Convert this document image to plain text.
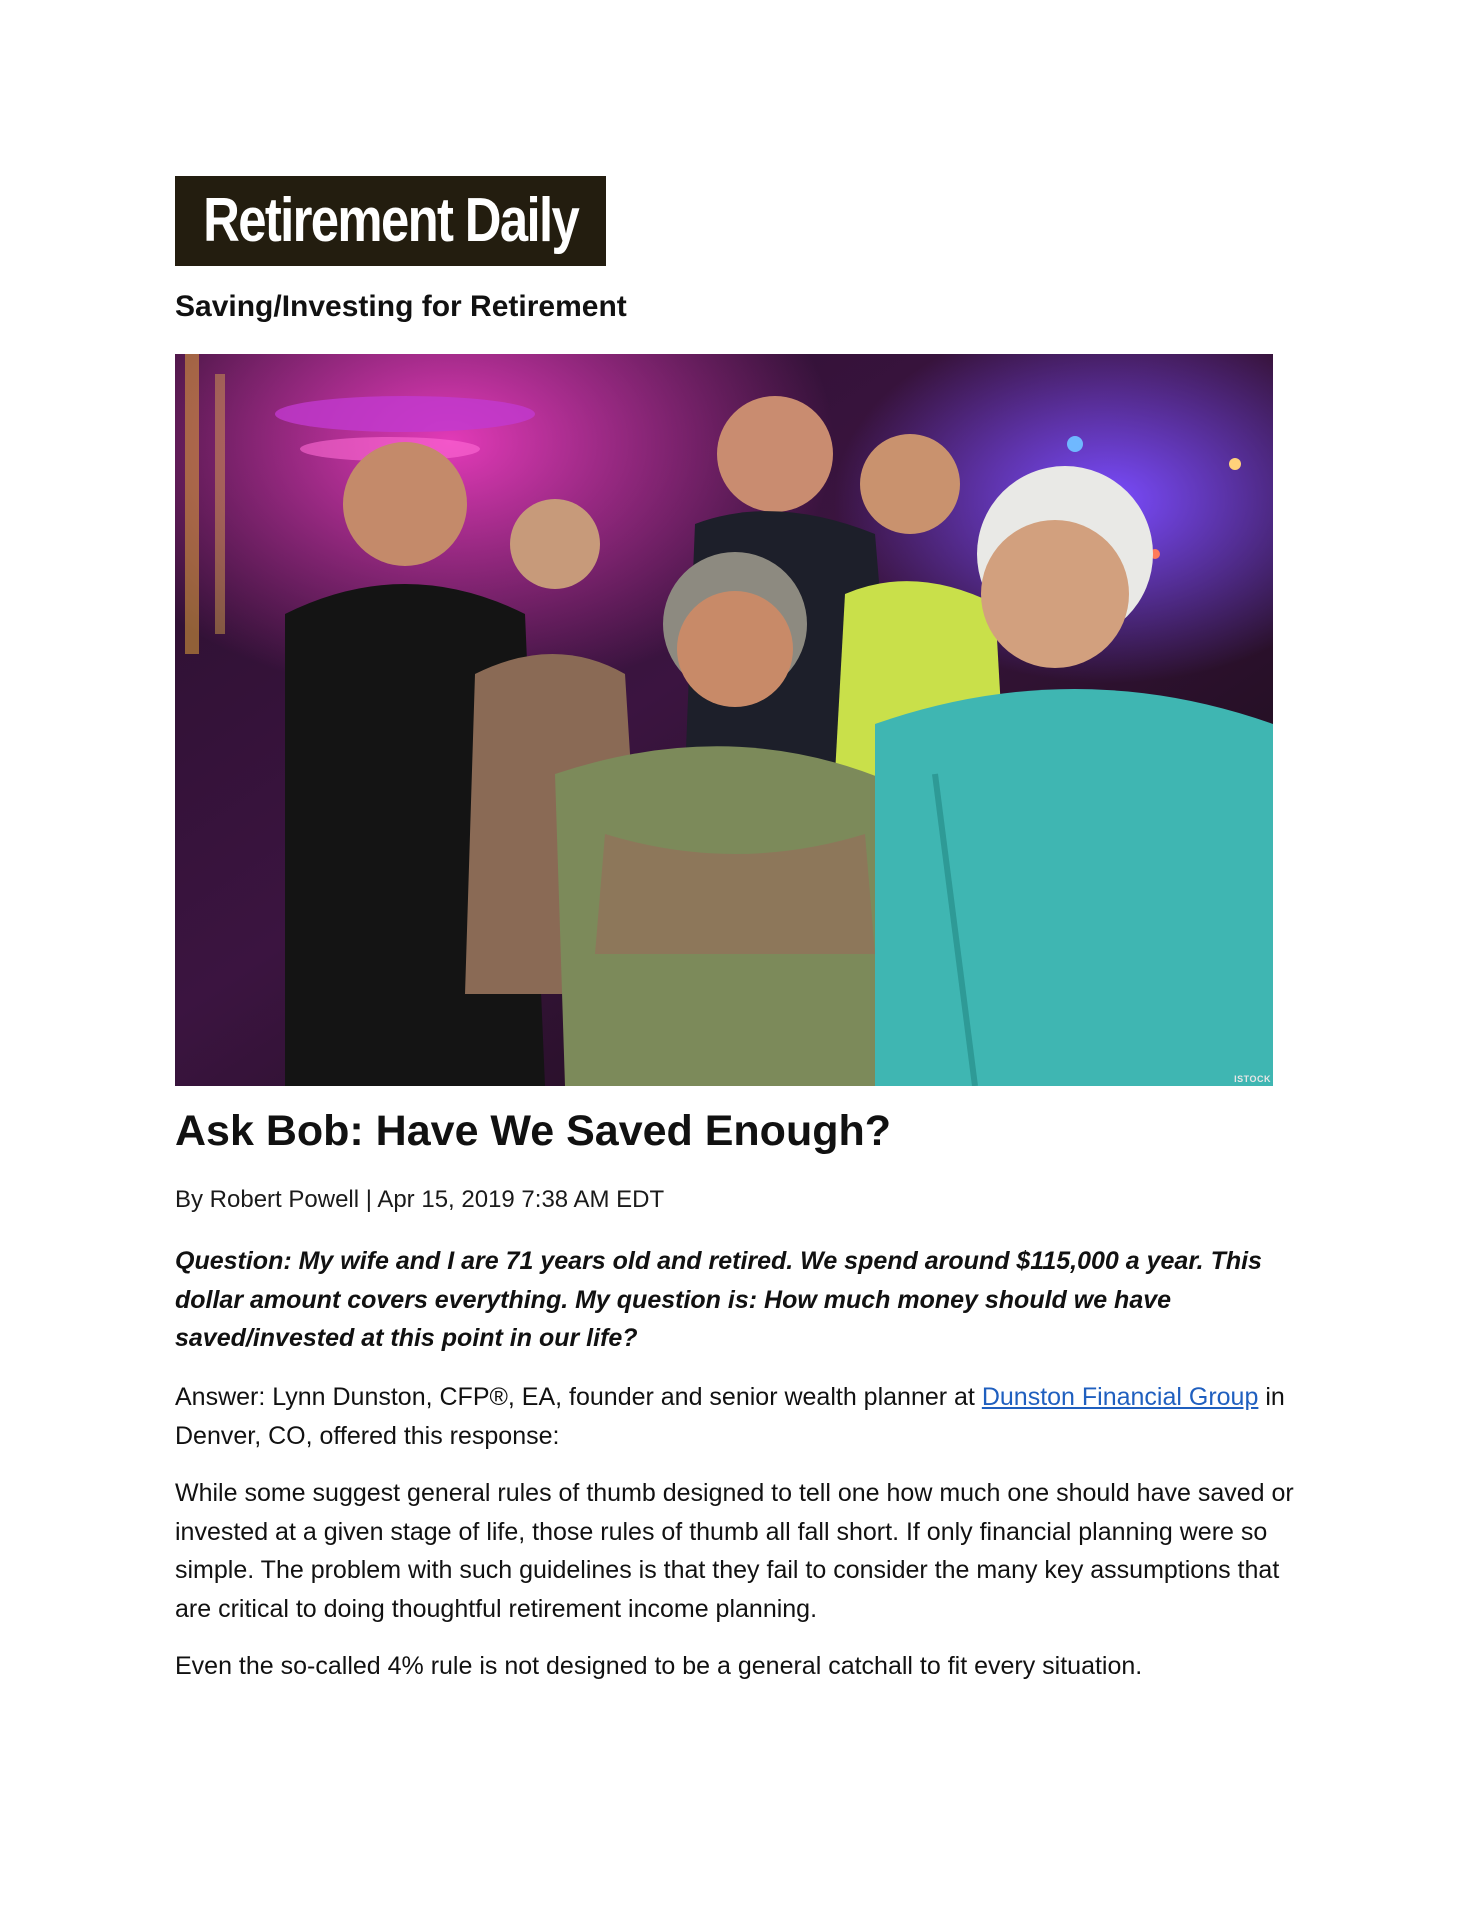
Retirement Daily
Saving/Investing for Retirement
ISTOCK
Ask Bob: Have We Saved Enough?
By Robert Powell | Apr 15, 2019 7:38 AM EDT
Question: My wife and I are 71 years old and retired. We spend around $115,000 a year. This dollar amount covers everything. My question is: How much money should we have saved/invested at this point in our life?
Answer: Lynn Dunston, CFP®, EA, founder and senior wealth planner at Dunston Financial Group in Denver, CO, offered this response:
While some suggest general rules of thumb designed to tell one how much one should have saved or invested at a given stage of life, those rules of thumb all fall short. If only financial planning were so simple. The problem with such guidelines is that they fail to consider the many key assumptions that are critical to doing thoughtful retirement income planning.
Even the so-called 4% rule is not designed to be a general catchall to fit every situation.
